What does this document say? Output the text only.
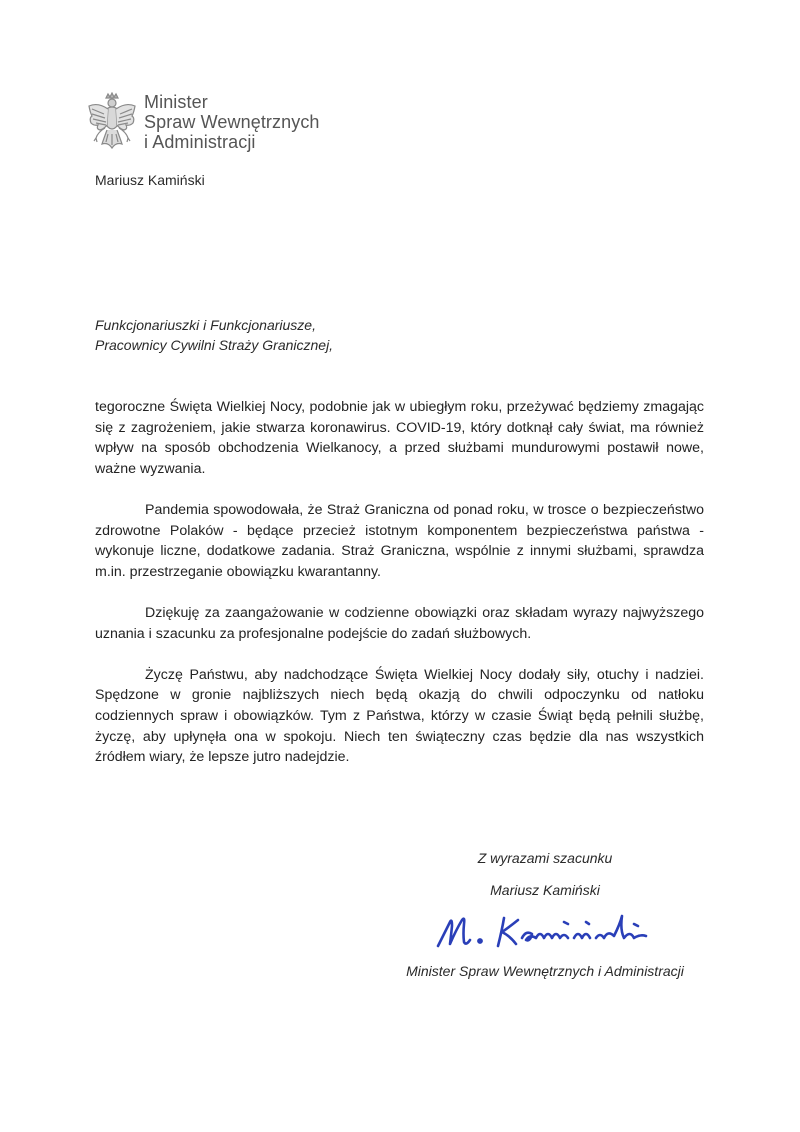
Minister
Spraw Wewnętrznych
i Administracji
Mariusz Kamiński
Funkcjonariuszki i Funkcjonariusze,
Pracownicy Cywilni Straży Granicznej,

tegoroczne Święta Wielkiej Nocy, podobnie jak w ubiegłym roku, przeżywać będziemy zmagając się z zagrożeniem, jakie stwarza koronawirus. COVID-19, który dotknął cały świat, ma również wpływ na sposób obchodzenia Wielkanocy, a przed służbami mundurowymi postawił nowe, ważne wyzwania.

Pandemia spowodowała, że Straż Graniczna od ponad roku, w trosce o bezpieczeństwo zdrowotne Polaków - będące przecież istotnym komponentem bezpieczeństwa państwa - wykonuje liczne, dodatkowe zadania. Straż Graniczna, wspólnie z innymi służbami, sprawdza m.in. przestrzeganie obowiązku kwarantanny.

Dziękuję za zaangażowanie w codzienne obowiązki oraz składam wyrazy najwyższego uznania i szacunku za profesjonalne podejście do zadań służbowych.

Życzę Państwu, aby nadchodzące Święta Wielkiej Nocy dodały siły, otuchy i nadziei. Spędzone w gronie najbliższych niech będą okazją do chwili odpoczynku od natłoku codziennych spraw i obowiązków. Tym z Państwa, którzy w czasie Świąt będą pełnili służbę, życzę, aby upłynęła ona w spokoju. Niech ten świąteczny czas będzie dla nas wszystkich źródłem wiary, że lepsze jutro nadejdzie.

Z wyrazami szacunku
Mariusz Kamiński
Minister Spraw Wewnętrznych i Administracji
